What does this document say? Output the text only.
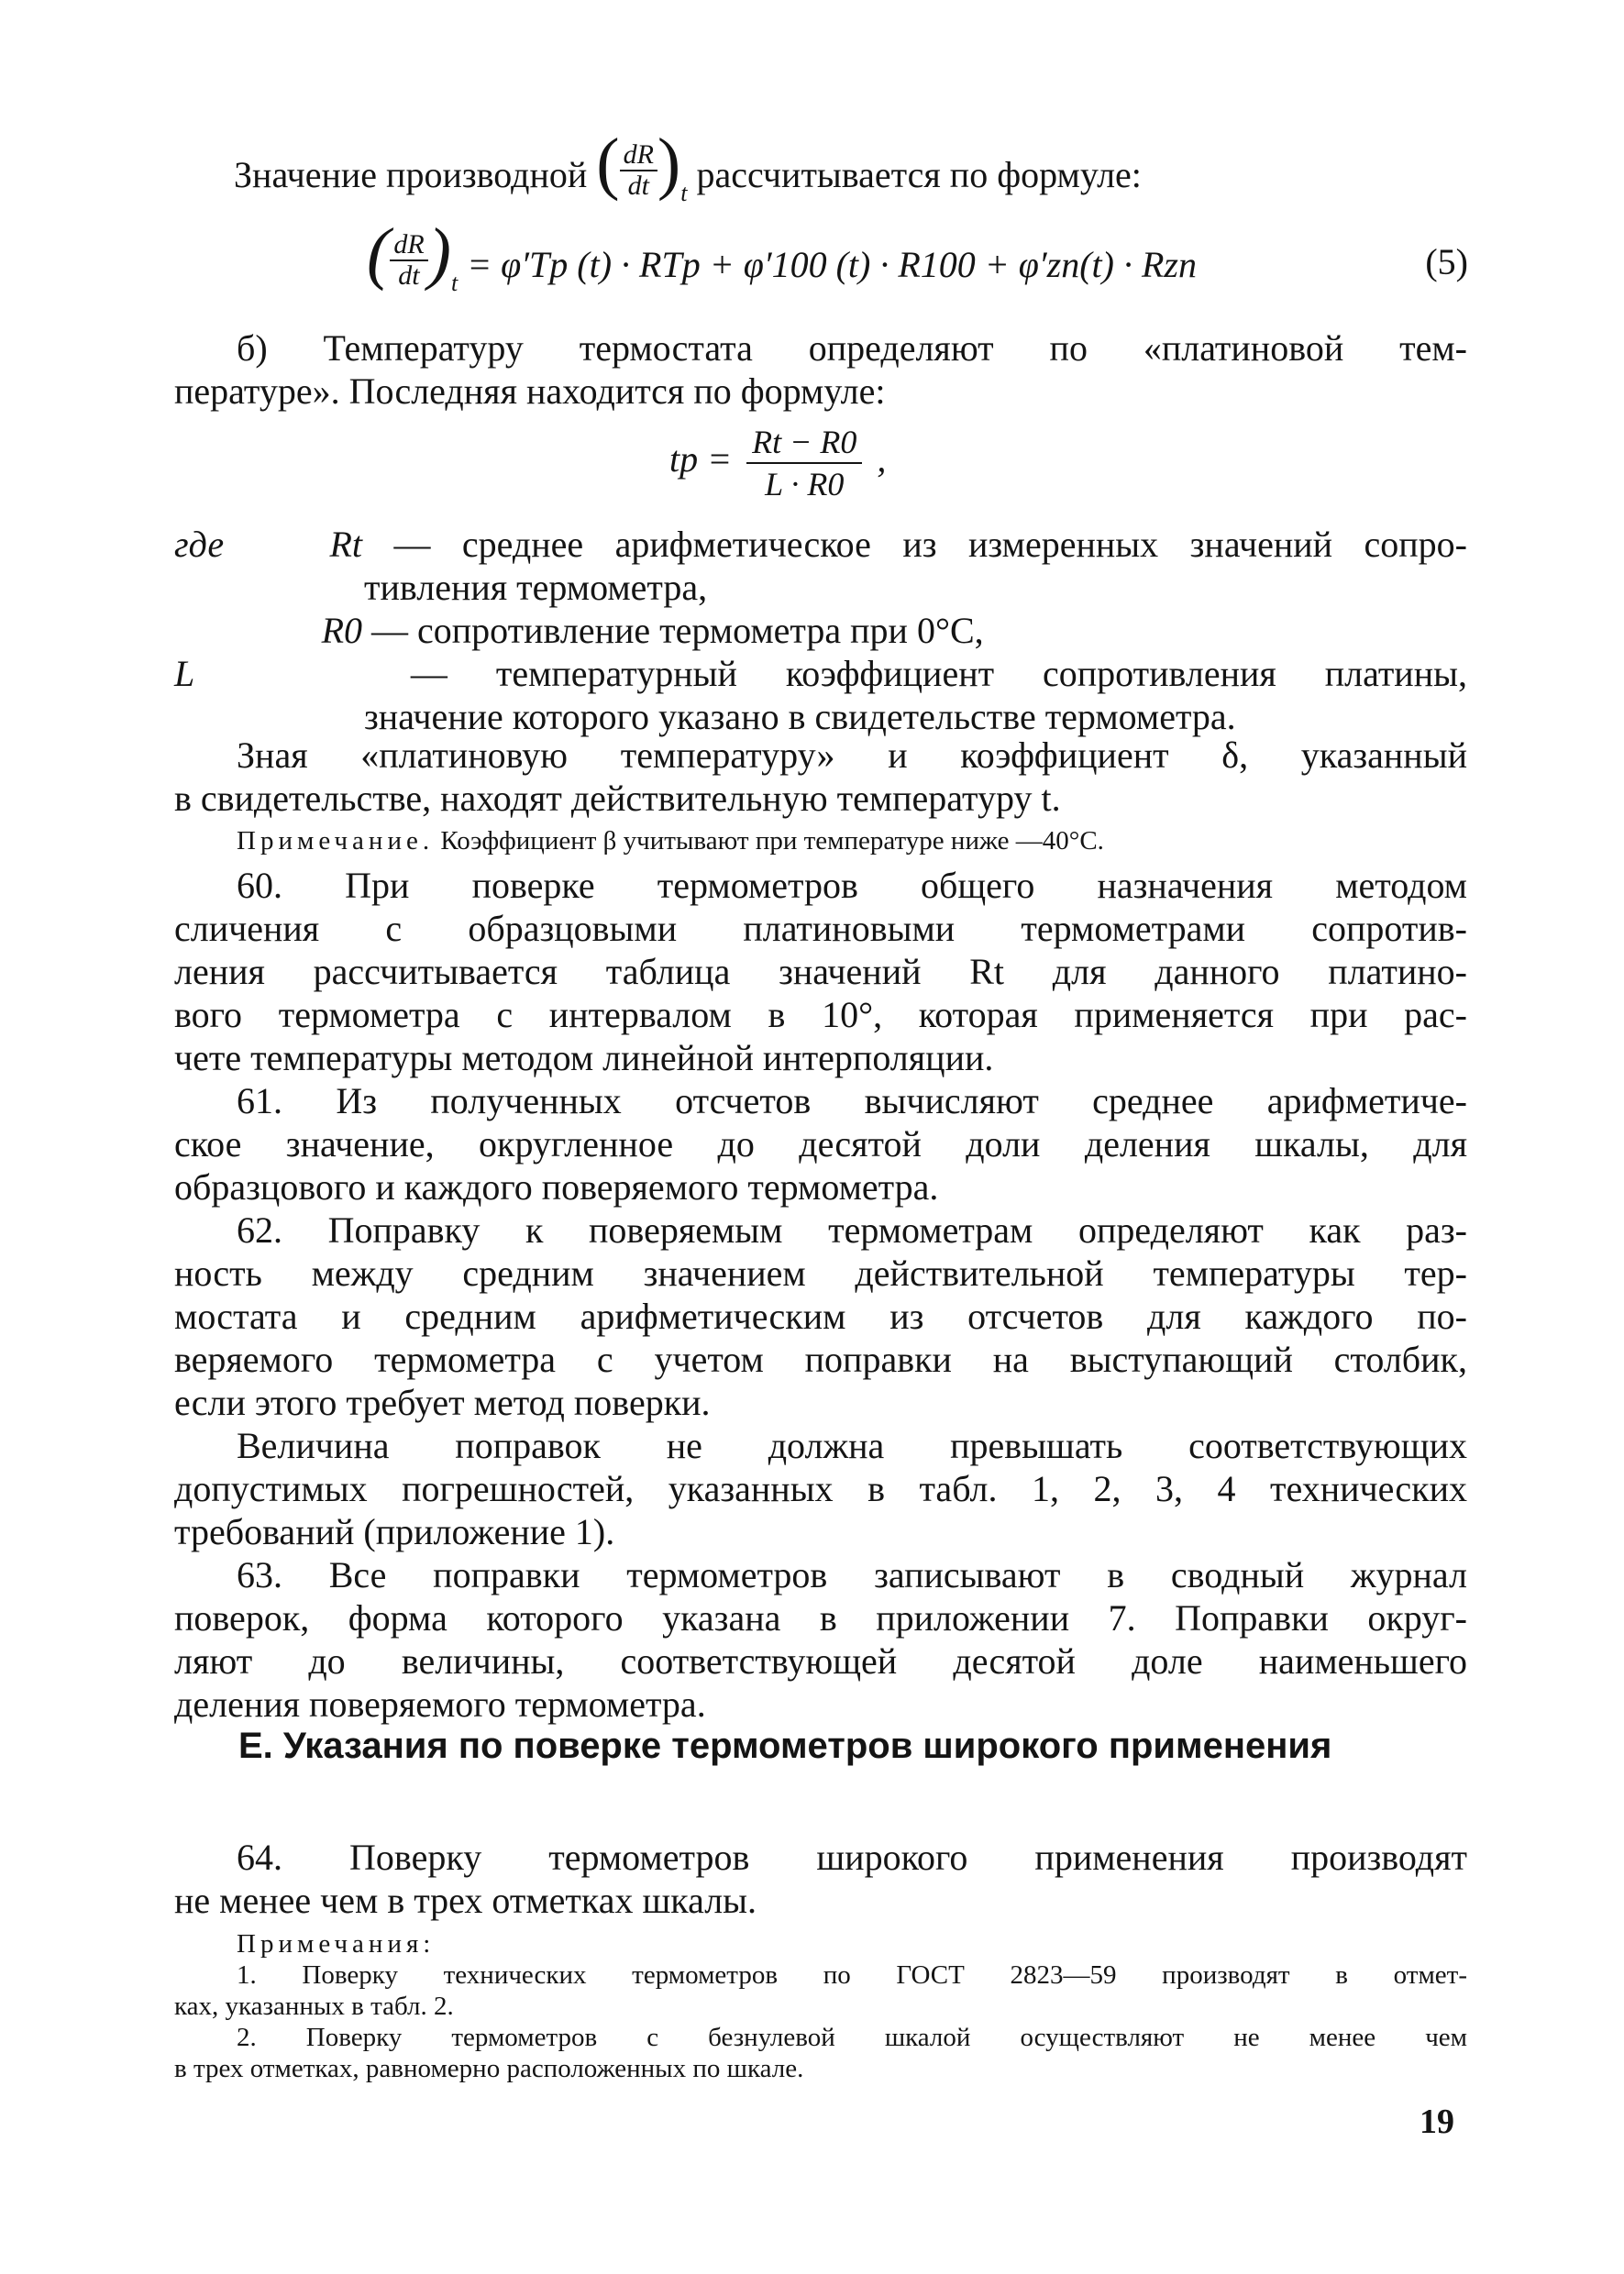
Значение производной ( $\frac{dR}{dt} )_t$ рассчитывается по формуле:
( $\frac{dR}{dt} )_t = \varphi'Tp$ (t) · RTp + φ′100 (t) · R100 + φ′zn(t) · Rzn	(5)
б) Температуру термостата определяют по «платиновой тем-
пературе». Последняя находится по формуле:
tр = $\frac{Rt - R0}{L \cdot R0}$ ,
где Rt — среднее арифметическое из измеренных значений сопро-
тивления термометра,
R0 — сопротивление термометра при 0°C,
L	— температурный коэффициент сопротивления платины,
значение которого указано в свидетельстве термометра.
Зная «платиновую температуру» и коэффициент δ, указанный
в свидетельстве, находят действительную температуру t.
Примечание. Коэффициент β учитывают при температуре ниже —40°C.
60. При поверке термометров общего назначения методом
сличения с образцовыми платиновыми термометрами сопротив-
ления рассчитывается таблица значений Rt для данного платино-
вого термометра с интервалом в 10°, которая применяется при рас-
чете температуры методом линейной интерполяции.
61. Из полученных отсчетов вычисляют среднее арифметиче-
ское значение, округленное до десятой доли деления шкалы, для
образцового и каждого поверяемого термометра.
62. Поправку к поверяемым термометрам определяют как раз-
ность между средним значением действительной температуры тер-
мостата и средним арифметическим из отсчетов для каждого по-
веряемого термометра с учетом поправки на выступающий столбик,
если этого требует метод поверки.
Величина поправок не должна превышать соответствующих
допустимых погрешностей, указанных в табл. 1, 2, 3, 4 технических
требований (приложение 1).
63. Все поправки термометров записывают в сводный журнал
поверок, форма которого указана в приложении 7. Поправки округ-
ляют до величины, соответствующей десятой доле наименьшего
деления поверяемого термометра.
Е. Указания по поверке термометров широкого применения
64. Поверку термометров широкого применения производят
не менее чем в трех отметках шкалы.
Примечания:
1. Поверку технических термометров по ГОСТ 2823—59 производят в отмет-
ках, указанных в табл. 2.
2. Поверку термометров с безнулевой шкалой осуществляют не менее чем
в трех отметках, равномерно расположенных по шкале.
19
